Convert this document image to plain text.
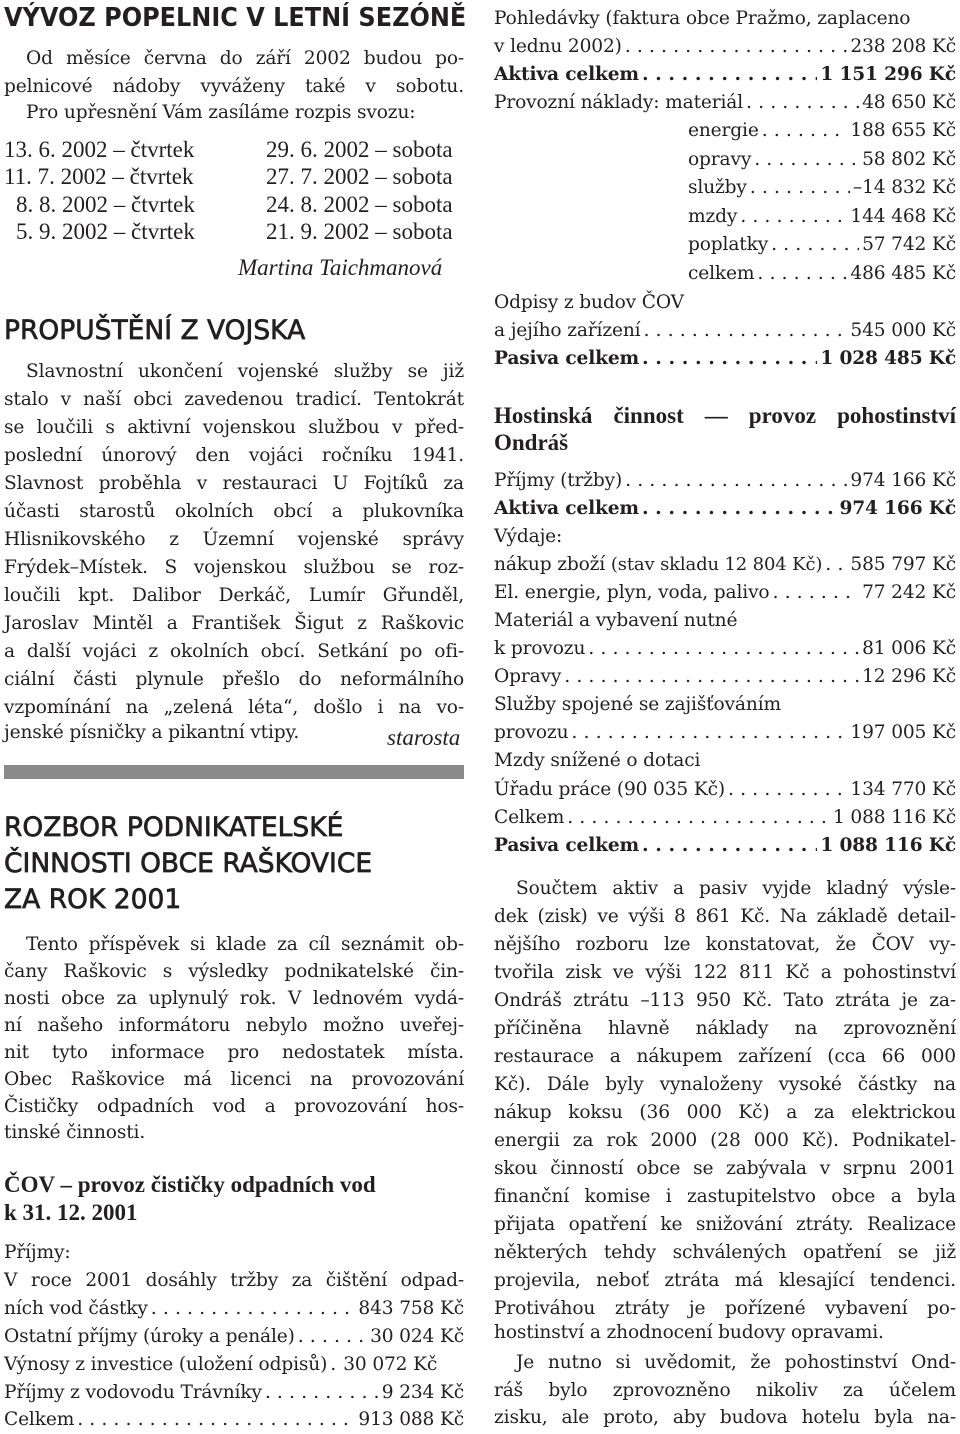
VÝVOZ POPELNIC V LETNÍ SEZÓNĚ
Od měsíce června do září 2002 budou po-
pelnicové nádoby vyváženy také v sobotu.
Pro upřesnění Vám zasíláme rozpis svozu:
13. 6. 2002 – čtvrtek	29. 6. 2002 – sobota
11. 7. 2002 – čtvrtek	27. 7. 2002 – sobota
8. 8. 2002 – čtvrtek	24. 8. 2002 – sobota
5. 9. 2002 – čtvrtek	21. 9. 2002 – sobota
Martina Taichmanová
PROPUŠTĚNÍ Z VOJSKA
Slavnostní ukončení vojenské služby se již
stalo v naší obci zavedenou tradicí. Tentokrát
se loučili s aktivní vojenskou službou v před-
poslední únorový den vojáci ročníku 1941.
Slavnost proběhla v restauraci U Fojtíků za
účasti starostů okolních obcí a plukovníka
Hlisnikovského z Územní vojenské správy
Frýdek–Místek. S vojenskou službou se roz-
loučili kpt. Dalibor Derkáč, Lumír Gřunděl,
Jaroslav Mintěl a František Šigut z Raškovic
a další vojáci z okolních obcí. Setkání po ofi-
ciální části plynule přešlo do neformálního
vzpomínání na „zelená léta“, došlo i na vo-
jenské písničky a pikantní vtipy.	starosta
ROZBOR PODNIKATELSKÉ
ČINNOSTI OBCE RAŠKOVICE
ZA ROK 2001
Tento příspěvek si klade za cíl seznámit ob-
čany Raškovic s výsledky podnikatelské čin-
nosti obce za uplynulý rok. V lednovém vydá-
ní našeho informátoru nebylo možno uveřej-
nit tyto informace pro nedostatek místa.
Obec Raškovice má licenci na provozování
Čističky odpadních vod a provozování hos-
tinské činnosti.
ČOV – provoz čističky odpadních vod
k 31. 12. 2001
Příjmy:
V roce 2001 dosáhly tržby za čištění odpad-
ních vod částky . . .	843 758 Kč
Ostatní příjmy (úroky a penále) . . .	30 024 Kč
Výnosy z investice (uložení odpisů) . . . 30 072 Kč
Příjmy z vodovodu Trávníky . . .	9 234 Kč
Celkem . . .	913 088 Kč
Pohledávky (faktura obce Pražmo, zaplaceno
v lednu 2002) . . .	238 208 Kč
Aktiva celkem . . .	1 151 296 Kč
Provozní náklady: materiál . . .	48 650 Kč
energie . . .	188 655 Kč
opravy . . .	58 802 Kč
služby . . .	–14 832 Kč
mzdy . . .	144 468 Kč
poplatky . . .	57 742 Kč
celkem . . .	486 485 Kč
Odpisy z budov ČOV
a jejího zařízení . . .	545 000 Kč
Pasiva celkem . . .	1 028 485 Kč
Hostinská činnost — provoz pohostinství
Ondráš
Příjmy (tržby) . . .	974 166 Kč
Aktiva celkem . . .	974 166 Kč
Výdaje:
nákup zboží (stav skladu 12 804 Kč) . . . 585 797 Kč
El. energie, plyn, voda, palivo . . .	77 242 Kč
Materiál a vybavení nutné
k provozu . . .	81 006 Kč
Opravy . . .	12 296 Kč
Služby spojené se zajišťováním
provozu . . .	197 005 Kč
Mzdy snížené o dotaci
Úřadu práce (90 035 Kč) . . .	134 770 Kč
Celkem . . .	1 088 116 Kč
Pasiva celkem . . .	1 088 116 Kč
Součtem aktiv a pasiv vyjde kladný výsle-
dek (zisk) ve výši 8 861 Kč. Na základě detail-
nějšího rozboru lze konstatovat, že ČOV vy-
tvořila zisk ve výši 122 811 Kč a pohostinství
Ondráš ztrátu –113 950 Kč. Tato ztráta je za-
příčiněna hlavně náklady na zprovoznění
restaurace a nákupem zařízení (cca 66 000
Kč). Dále byly vynaloženy vysoké částky na
nákup koksu (36 000 Kč) a za elektrickou
energii za rok 2000 (28 000 Kč). Podnikatel-
skou činností obce se zabývala v srpnu 2001
finanční komise i zastupitelstvo obce a byla
přijata opatření ke snižování ztráty. Realizace
některých tehdy schválených opatření se již
projevila, neboť ztráta má klesající tendenci.
Protiváhou ztráty je pořízené vybavení po-
hostinství a zhodnocení budovy opravami.
Je nutno si uvědomit, že pohostinství Ond-
ráš bylo zprovozněno nikoliv za účelem
zisku, ale proto, aby budova hotelu byla na-
